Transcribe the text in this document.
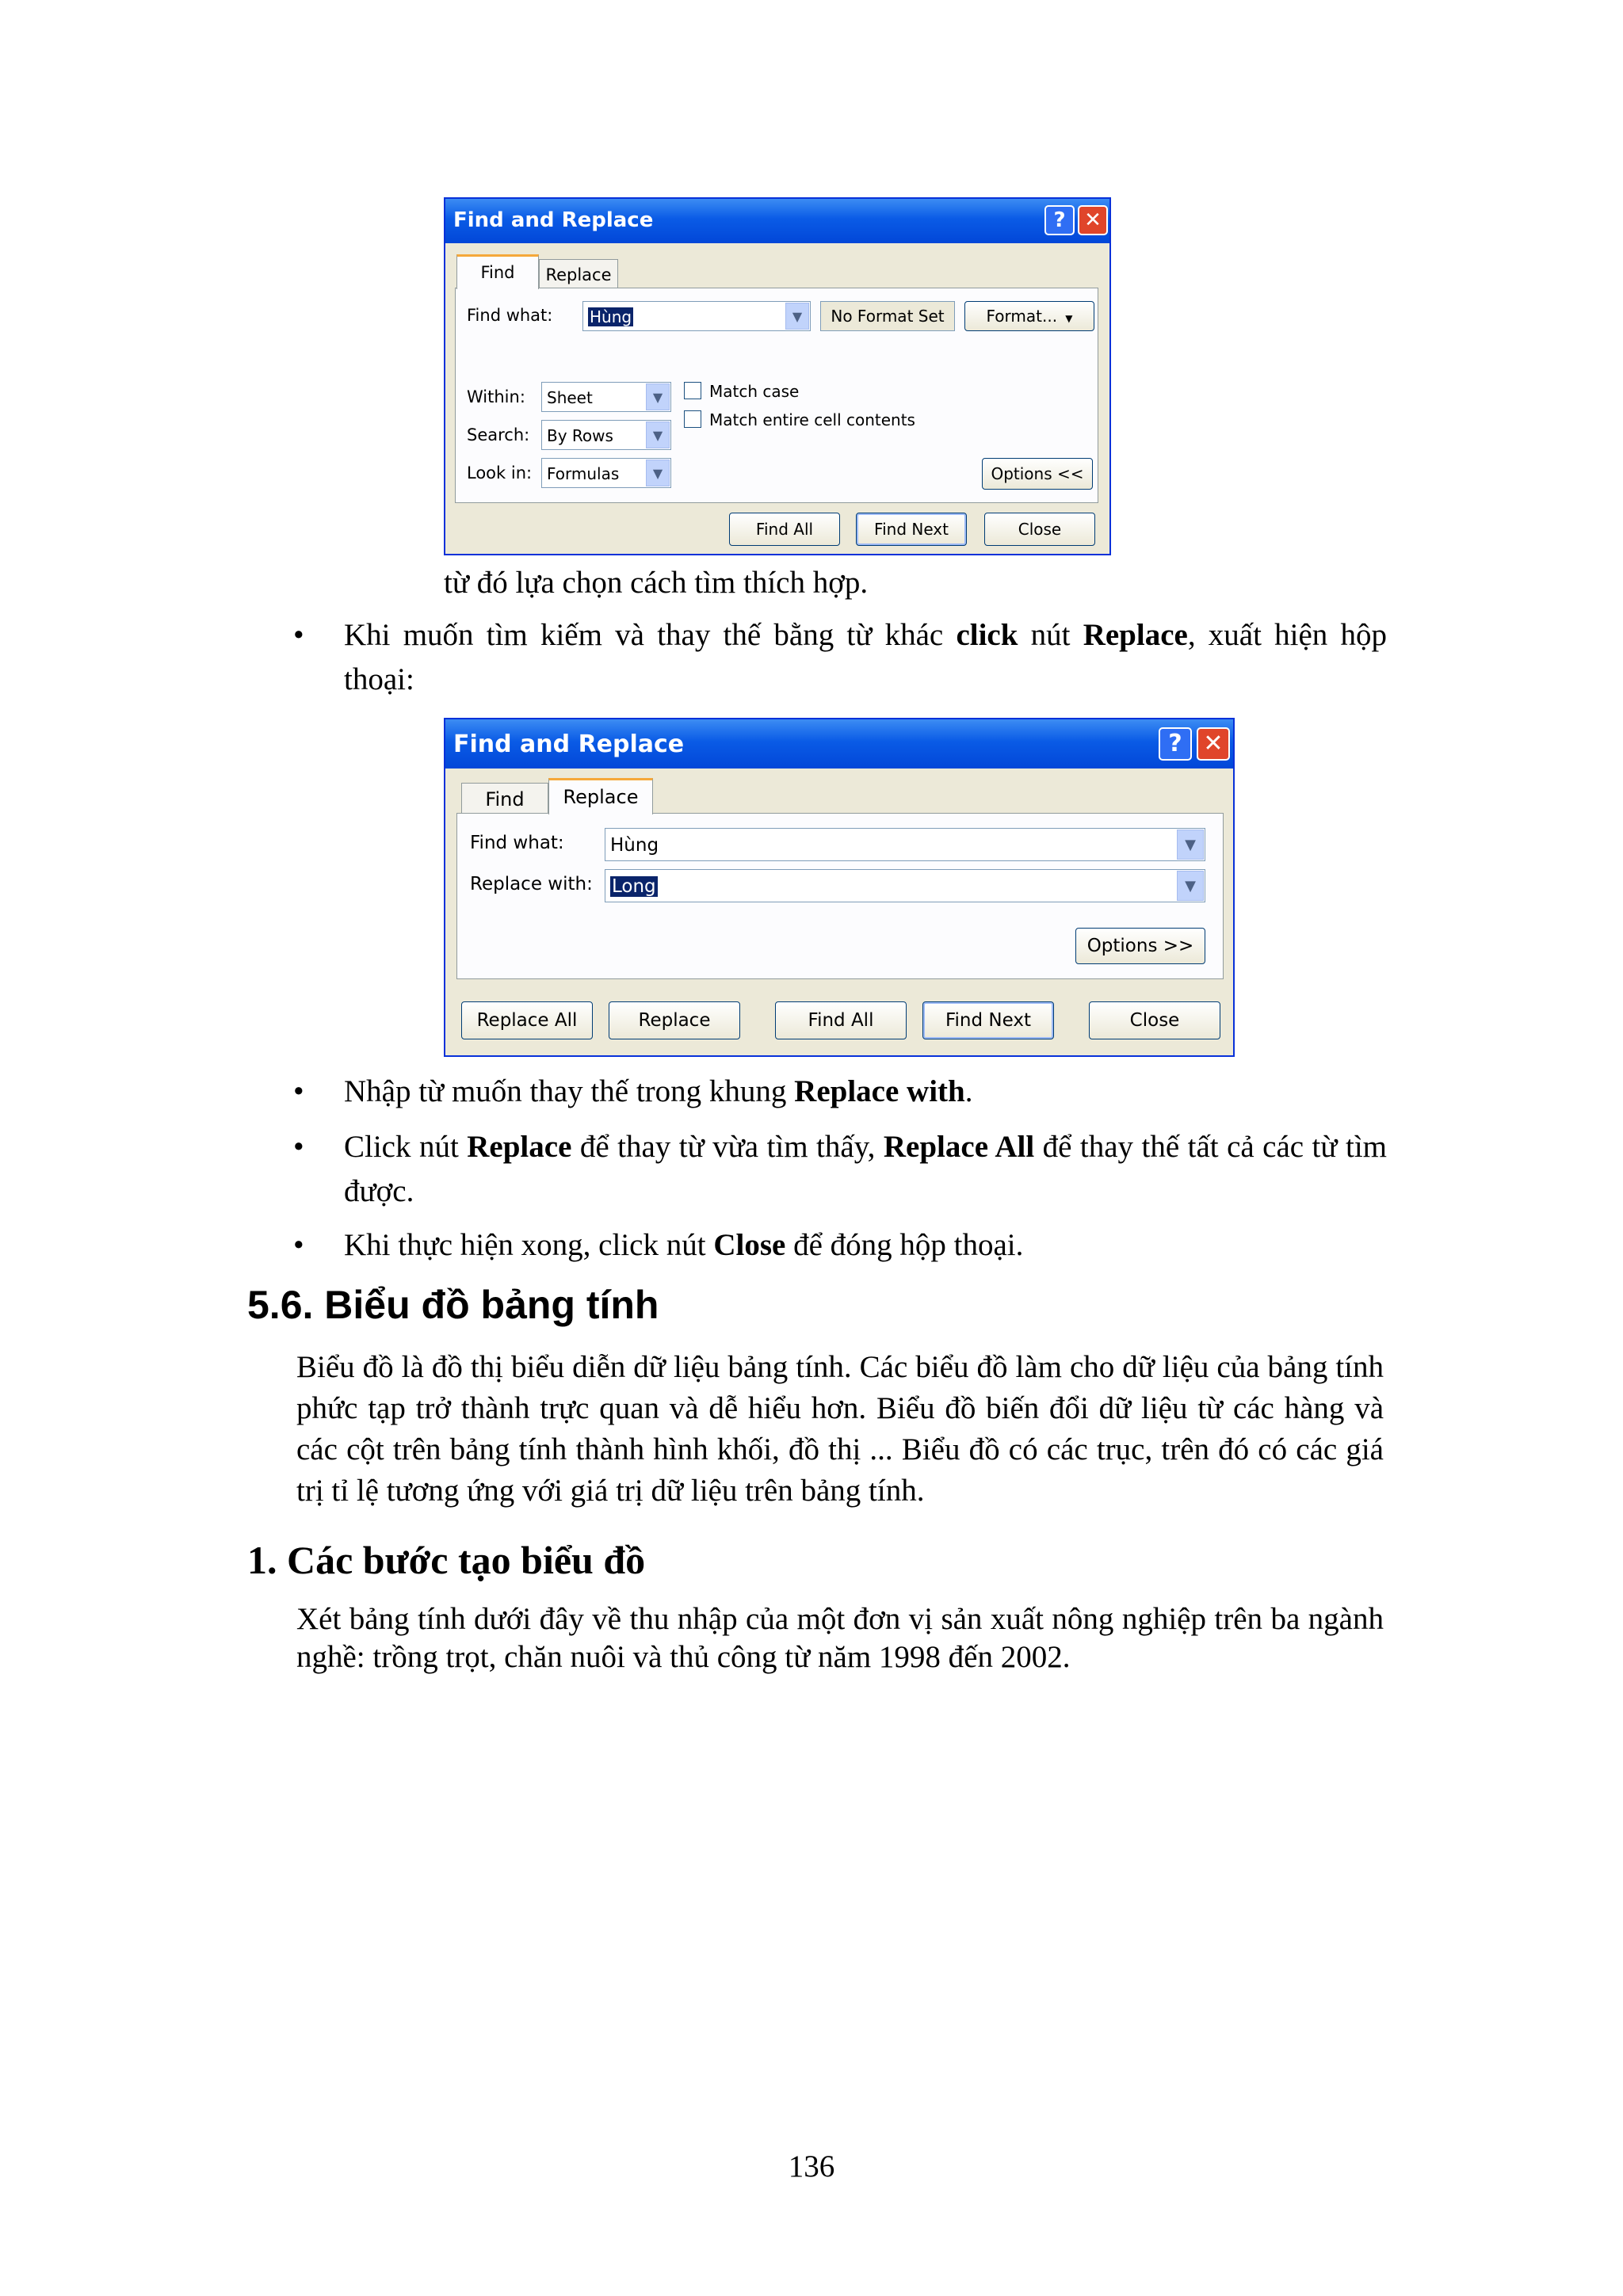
Find and Replace	? ✕
Find	Replace
Find what: Hùng	▼	No Format Set	Format...  ▼
Within: Sheet	▼
Search: By Rows	▼
Look in: Formulas	▼
Match case
Match entire cell contents
Options <<
Find All	Find Next	Close
từ đó lựa chọn cách tìm thích hợp.
•	Khi muốn tìm kiếm và thay thế bằng từ khác click nút Replace, xuất hiện hộp thoại:
Find and Replace	? ✕
Find	Replace
Find what:	Hùng	▼
Replace with: Long	▼
Options >>
Replace All	Replace	Find All	Find Next	Close
•	Nhập từ muốn thay thế trong khung Replace with.
•	Click nút Replace để thay từ vừa tìm thấy, Replace All để thay thế tất cả các từ tìm được.
•	Khi thực hiện xong, click nút Close để đóng hộp thoại.
5.6. Biểu đồ bảng tính
Biểu đồ là đồ thị biểu diễn dữ liệu bảng tính. Các biểu đồ làm cho dữ liệu của bảng tính phức tạp trở thành trực quan và dễ hiểu hơn. Biểu đồ biến đổi dữ liệu từ các hàng và các cột trên bảng tính thành hình khối, đồ thị ... Biểu đồ có các trục, trên đó có các giá trị tỉ lệ tương ứng với giá trị dữ liệu trên bảng tính.
1. Các bước tạo biểu đồ
Xét bảng tính dưới đây về thu nhập của một đơn vị sản xuất nông nghiệp trên ba ngành nghề: trồng trọt, chăn nuôi và thủ công từ năm 1998 đến 2002.
136
